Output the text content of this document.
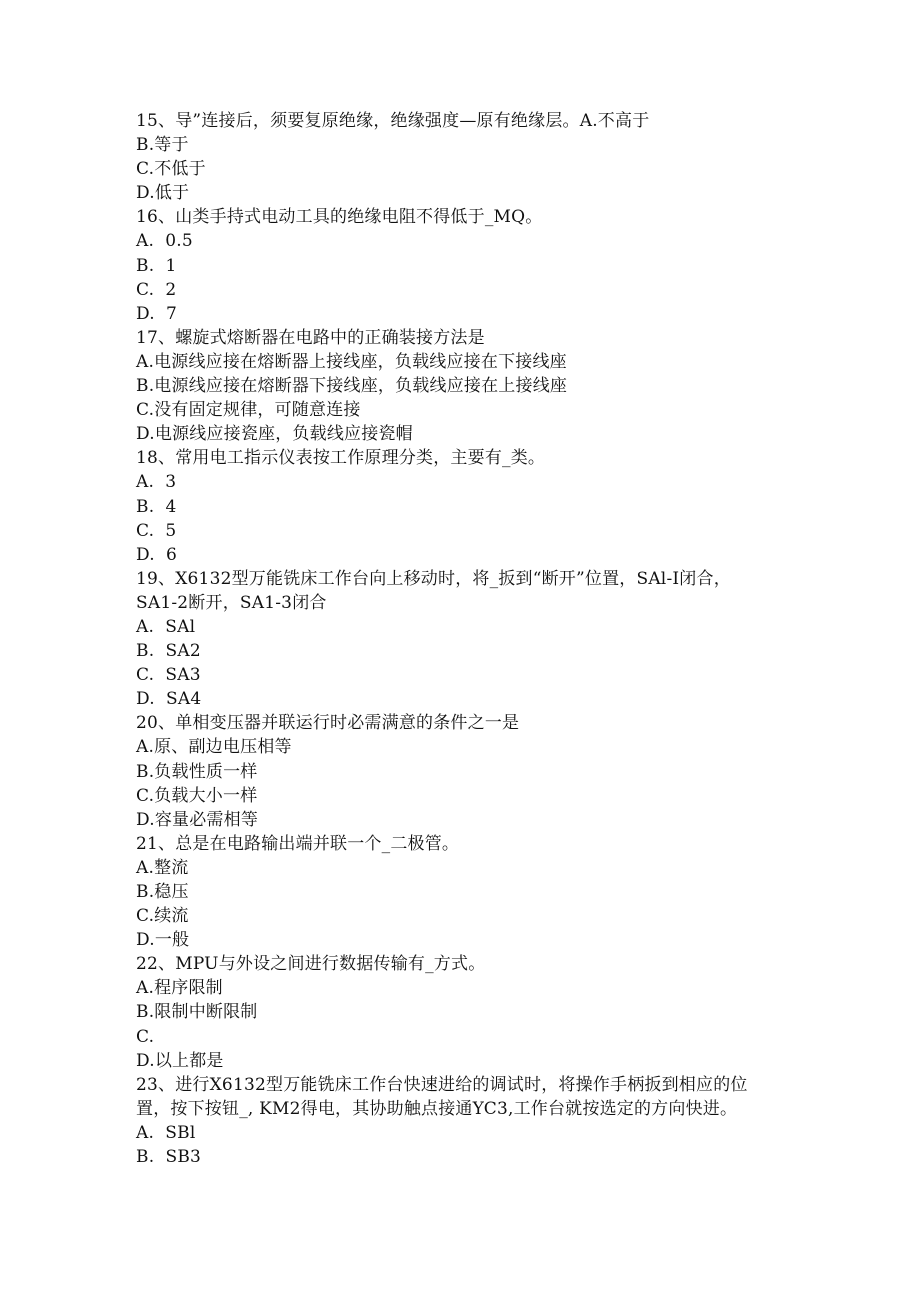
15、导”连接后，须要复原绝缘，绝缘强度—原有绝缘层。A.不高于
B.等于
C.不低于
D.低于
16、山类手持式电动工具的绝缘电阻不得低于_MQ。
A.  0.5
B.  1
C.  2
D.  7
17、螺旋式熔断器在电路中的正确装接方法是
A.电源线应接在熔断器上接线座，负载线应接在下接线座
B.电源线应接在熔断器下接线座，负载线应接在上接线座
C.没有固定规律，可随意连接
D.电源线应接瓷座，负载线应接瓷帽
18、常用电工指示仪表按工作原理分类，主要有_类。
A.  3
B.  4
C.  5
D.  6
19、X6132型万能铣床工作台向上移动时，将_扳到“断开”位置，SAl-I闭合，
SA1-2断开，SA1-3闭合
A.  SAl
B.  SA2
C.  SA3
D.  SA4
20、单相变压器并联运行时必需满意的条件之一是
A.原、副边电压相等
B.负载性质一样
C.负载大小一样
D.容量必需相等
21、总是在电路输出端并联一个_二极管。
A.整流
B.稳压
C.续流
D.一般
22、MPU与外设之间进行数据传输有_方式。
A.程序限制
B.限制中断限制
C.
D.以上都是
23、进行X6132型万能铣床工作台快速进给的调试时，将操作手柄扳到相应的位
置，按下按钮_, KM2得电，其协助触点接通YC3,工作台就按选定的方向快进。
A.  SBl
B.  SB3
